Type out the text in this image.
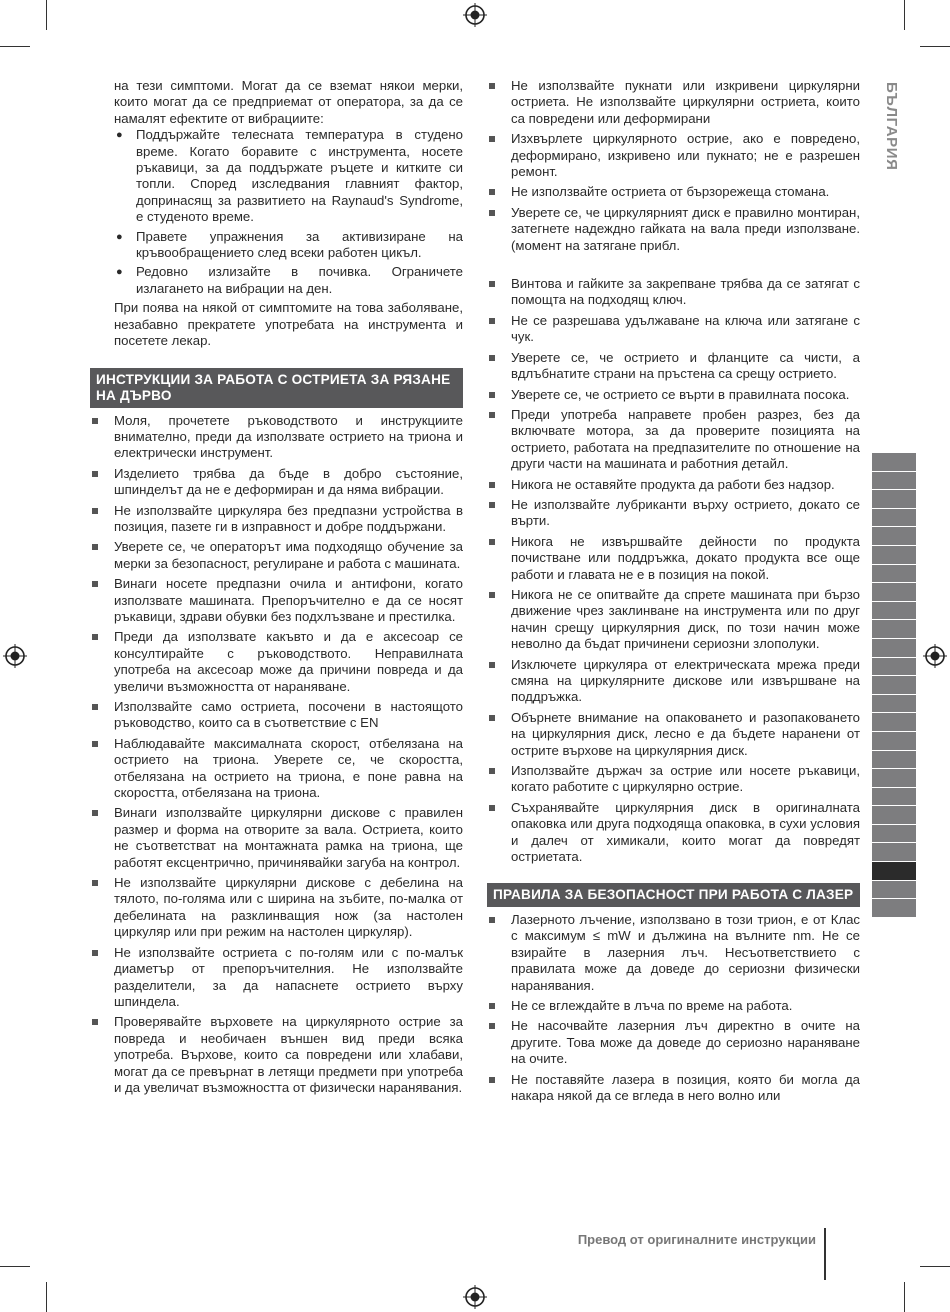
БЪЛГАРИЯ

на тези симптоми. Могат да се вземат някои мерки, които могат да се предприемат от оператора, за да се намалят ефектите от вибрациите:

● Поддържайте телесната температура в студено време. Когато боравите с инструмента, носете ръкавици, за да поддържате ръцете и китките си топли. Според изследвания главният фактор, допринасящ за развитието на Raynaud's Syndrome, е студеното време.
● Правете упражнения за активизиране на кръвообращението след всеки работен цикъл.
● Редовно излизайте в почивка. Ограничете излагането на вибрации на ден.

При поява на някой от симптомите на това заболяване, незабавно прекратете употребата на инструмента и посетете лекар.

ИНСТРУКЦИИ ЗА РАБОТА С ОСТРИЕТА ЗА РЯЗАНЕ НА ДЪРВО
Моля, прочетете ръководството и инструкциите внимателно, преди да използвате острието на триона и електрически инструмент.
Изделието трябва да бъде в добро състояние, шпинделът да не е деформиран и да няма вибрации.
Не използвайте циркуляра без предпазни устройства в позиция, пазете ги в изправност и добре поддържани.
Уверете се, че операторът има подходящо обучение за мерки за безопасност, регулиране и работа с машината.
Винаги носете предпазни очила и антифони, когато използвате машината. Препоръчително е да се носят ръкавици, здрави обувки без подхлъзване и престилка.
Преди да използвате какъвто и да е аксесоар се консултирайте с ръководството. Неправилната употреба на аксесоар може да причини повреда и да увеличи възможността от нараняване.
Използвайте само остриета, посочени в настоящото ръководство, които са в съответствие с EN
Наблюдавайте максималната скорост, отбелязана на острието на триона. Уверете се, че скоростта, отбелязана на острието на триона, е поне равна на скоростта, отбелязана на триона.
Винаги използвайте циркулярни дискове с правилен размер и форма на отворите за вала. Остриета, които не съответстват на монтажната рамка на триона, ще работят ексцентрично, причинявайки загуба на контрол.
Не използвайте циркулярни дискове с дебелина на тялото, по-голяма или с ширина на зъбите, по-малка от дебелината на разклинващия нож (за настолен циркуляр или при режим на настолен циркуляр).
Не използвайте остриета с по-голям или с по-малък диаметър от препоръчителния. Не използвайте разделители, за да напаснете острието върху шпиндела.
Проверявайте върховете на циркулярното острие за повреда и необичаен външен вид преди всяка употреба. Върхове, които са повредени или хлабави, могат да се превърнат в летящи предмети при употреба и да увеличат възможността от физически наранявания.
Не използвайте пукнати или изкривени циркулярни остриета. Не използвайте циркулярни остриета, които са повредени или деформирани
Изхвърлете циркулярното острие, ако е повредено, деформирано, изкривено или пукнато; не е разрешен ремонт.
Не използвайте остриета от бързорежеща стомана.
Уверете се, че циркулярният диск е правилно монтиран, затегнете надеждно гайката на вала преди използване. (момент на затягане прибл.
Винтова и гайките за закрепване трябва да се затягат с помощта на подходящ ключ.
Не се разрешава удължаване на ключа или затягане с чук.
Уверете се, че острието и фланците са чисти, а вдлъбнатите страни на пръстена са срещу острието.
Уверете се, че острието се върти в правилната посока.
Преди употреба направете пробен разрез, без да включвате мотора, за да проверите позицията на острието, работата на предпазителите по отношение на други части на машината и работния детайл.
Никога не оставяйте продукта да работи без надзор.
Не използвайте лубриканти върху острието, докато се върти.
Никога не извършвайте дейности по продукта почистване или поддръжка, докато продукта все още работи и главата не е в позиция на покой.
Никога не се опитвайте да спрете машината при бързо движение чрез заклинване на инструмента или по друг начин срещу циркулярния диск, по този начин може неволно да бъдат причинени сериозни злополуки.
Изключете циркуляра от електрическата мрежа преди смяна на циркулярните дискове или извършване на поддръжка.
Обърнете внимание на опаковането и разопаковането на циркулярния диск, лесно е да бъдете наранени от острите върхове на циркулярния диск.
Използвайте държач за острие или носете ръкавици, когато работите с циркулярно острие.
Съхранявайте циркулярния диск в оригиналната опаковка или друга подходяща опаковка, в сухи условия и далеч от химикали, които могат да повредят остриетата.
ПРАВИЛА ЗА БЕЗОПАСНОСТ ПРИ РАБОТА С ЛАЗЕР
Лазерното лъчение, използвано в този трион, е от Клас с максимум ≤ mW и дължина на вълните nm. Не се взирайте в лазерния лъч. Несъответствието с правилата може да доведе до сериозни физически наранявания.
Не се вглеждайте в лъча по време на работа.
Не насочвайте лазерния лъч директно в очите на другите. Това може да доведе до сериозно нараняване на очите.
Не поставяйте лазера в позиция, която би могла да накара някой да се вгледа в него волно или
Превод от оригиналните инструкции
